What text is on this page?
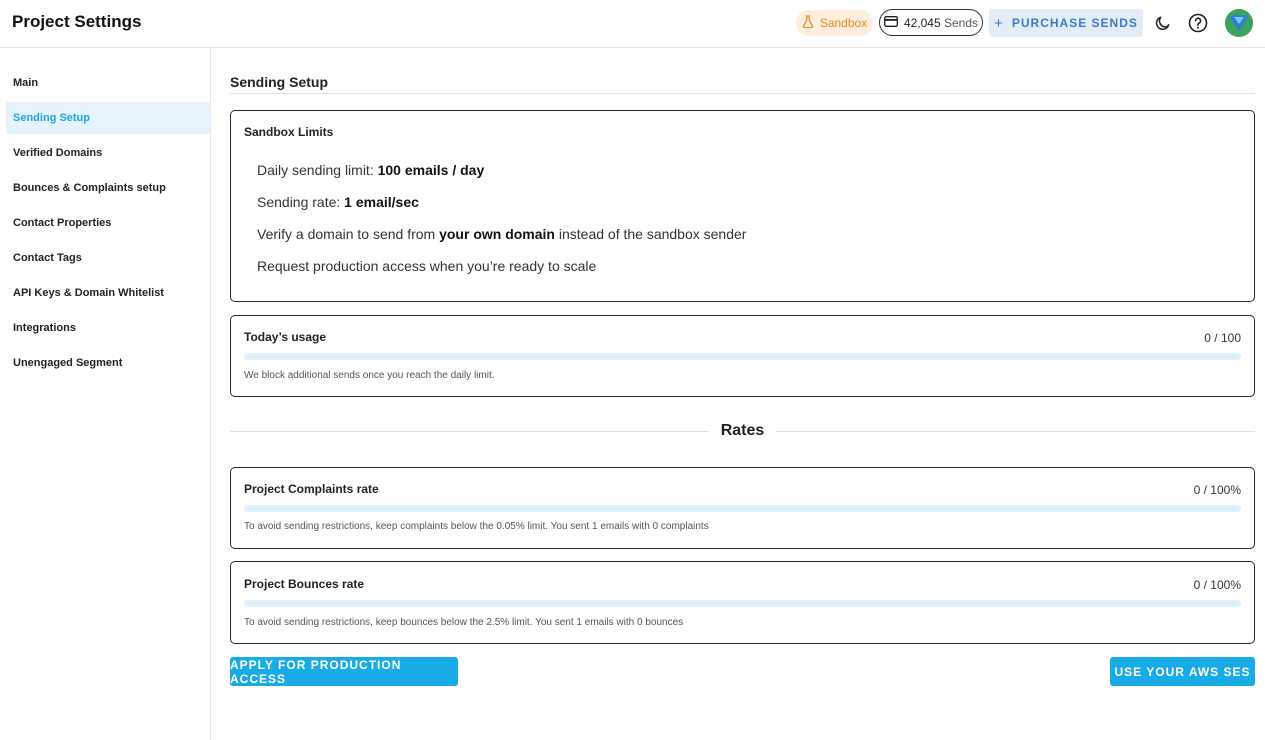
Project Settings	Sandbox	42,045 Sends + PURCHASE SENDS
Main
Sending Setup
Verified Domains
Bounces & Complaints setup
Contact Properties
Contact Tags
API Keys & Domain Whitelist
Integrations
Unengaged Segment
Sending Setup
Sandbox Limits
Daily sending limit: 100 emails / day
Sending rate: 1 email/sec
Verify a domain to send from your own domain instead of the sandbox sender
Request production access when you’re ready to scale
Today’s usage	0 / 100
We block additional sends once you reach the daily limit.
Rates
Project Complaints rate	0 / 100%
To avoid sending restrictions, keep complaints below the 0.05% limit. You sent 1 emails with 0 complaints
Project Bounces rate	0 / 100%
To avoid sending restrictions, keep bounces below the 2.5% limit. You sent 1 emails with 0 bounces
APPLY FOR PRODUCTION ACCESS	USE YOUR AWS SES
